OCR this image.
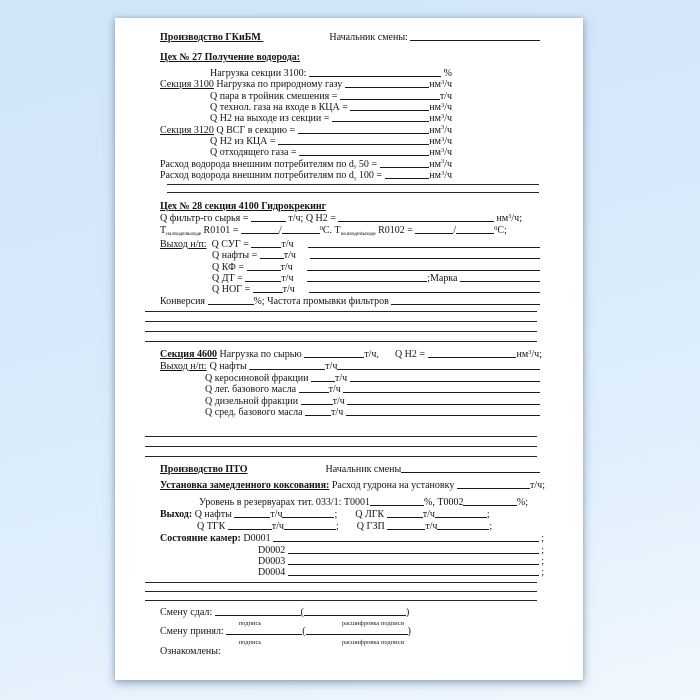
Производство ГКиБМ	Начальник смены:
Цех № 27 Получение водорода:
Нагрузка секции 3100:	%
Секция 3100 Нагрузка по природному газу	нм 3 /ч
Q пара в тройник смешения =	т/ч
Q технол. газа на входе в КЦА =	нм 3 /ч
Q Н2 на выходе из секции =	нм 3 /ч
Секция 3120 Q ВСГ в секцию =	нм 3 /ч
Q Н2 из КЦА =	нм 3 /ч
Q отходящего газа =	нм 3 /ч
Расход водорода внешним потребителям по d у 50 =	нм 3 /ч
Расход водорода внешним потребителям по d у 100 =	нм 3 /ч
Цех № 28 секция 4100 Гидрокрекинг
Q фильтр-го сырья =	т/ч; Q Н2 =	нм 3 /ч;
Т на входе/выходе R0101 =	/	0 С. Т на входе/выходе R0102 =	/	0 С;
Выход н/п: Q СУГ =	т/ч
Q нафты = т/ч
Q КФ =	т/ч
Q ДТ =	т/ч	;Марка
Q НОГ =	т/ч
Конверсия	%; Частота промывки фильтров
Секция 4600 Нагрузка по сырью	т/ч, Q Н2 =	нм 3 /ч;
Выход н/п: Q нафты	т/ч
Q керосиновой фракции т/ч
Q лег. базового масла	т/ч
Q дизельной фракции	т/ч
Q сред. базового масла	т/ч
Производство ПТО	Начальник смены
Установка замедленного коксования: Расход гудрона на установку	т/ч;
Уровень в резервуарах тит. 033/1: Т0001	%, Т0002	%;
Выход: Q нафты	т/ч	; Q ЛГК	т/ч	;
Q ТГК	т/ч	; Q ГЗП	т/ч	;
Состояние камер: D0001	;
D0002	;
D0003	;
D0004	;
Смену сдал:	(	)
подпись	расшифровка подписи
Смену принял:	(	)
подпись	расшифровка подписи
Ознакомлены:
